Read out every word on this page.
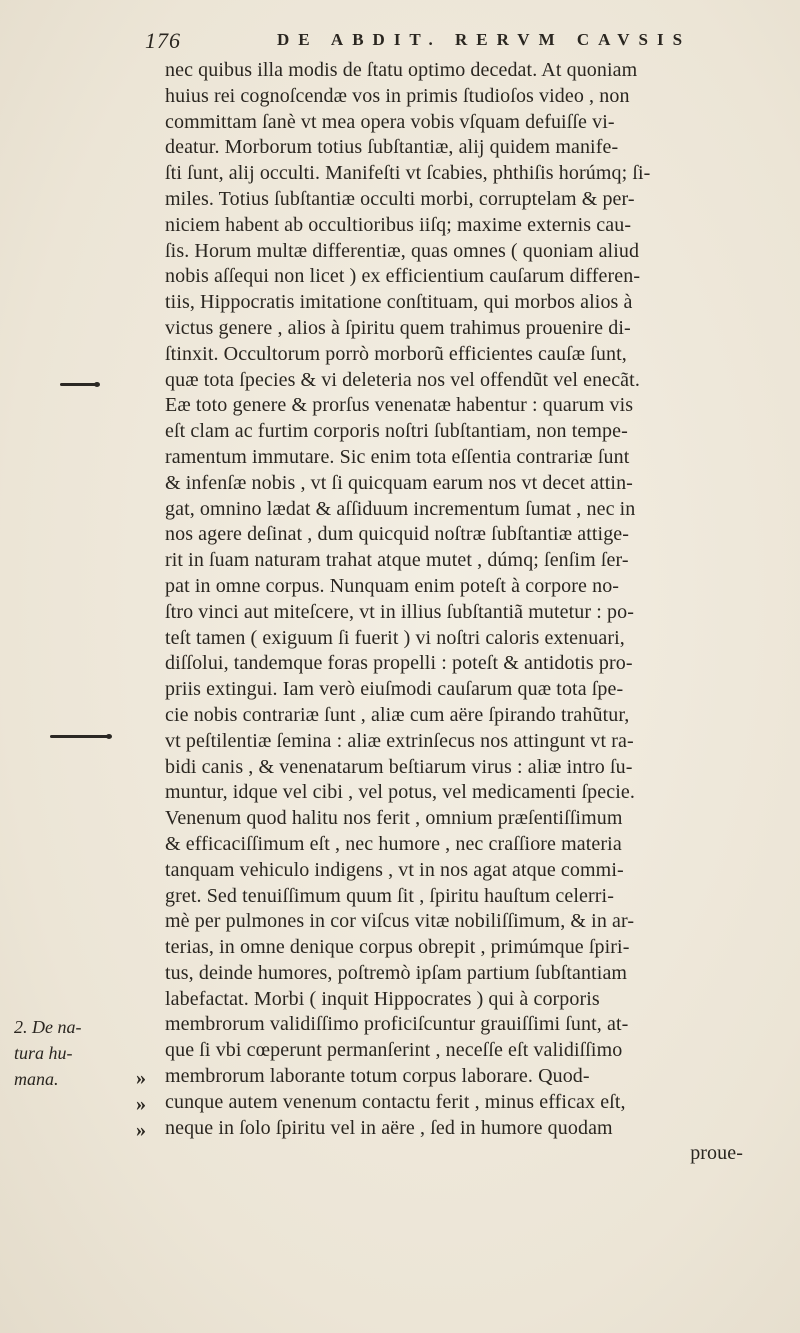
176	DE ABDIT. RERVM CAVSIS
nec quibus illa modis de ſtatu optimo decedat. At quoniam
huius rei cognoſcendæ vos in primis ſtudioſos video , non
committam ſanè vt mea opera vobis vſquam defuiſſe vi-
deatur. Morborum totius ſubſtantiæ, alij quidem manife-
ſti ſunt, alij occulti. Manifeſti vt ſcabies, phthiſis horúmq; ſi-
miles. Totius ſubſtantiæ occulti morbi, corruptelam & per-
niciem habent ab occultioribus iiſq; maxime externis cau-
ſis. Horum multæ differentiæ, quas omnes ( quoniam aliud
nobis aſſequi non licet ) ex efficientium cauſarum differen-
tiis, Hippocratis imitatione conſtituam, qui morbos alios à
victus genere , alios à ſpiritu quem trahimus prouenire di-
ſtinxit. Occultorum porrò morborũ efficientes cauſæ ſunt,
quæ tota ſpecies & vi deleteria nos vel offendũt vel enecãt.
Eæ toto genere & prorſus venenatæ habentur : quarum vis
eſt clam ac furtim corporis noſtri ſubſtantiam, non tempe-
ramentum immutare. Sic enim tota eſſentia contrariæ ſunt
& infenſæ nobis , vt ſi quicquam earum nos vt decet attin-
gat, omnino lædat & aſſiduum incrementum ſumat , nec in
nos agere deſinat , dum quicquid noſtræ ſubſtantiæ attige-
rit in ſuam naturam trahat atque mutet , dúmq; ſenſim ſer-
pat in omne corpus. Nunquam enim poteſt à corpore no-
ſtro vinci aut miteſcere, vt in illius ſubſtantiã mutetur : po-
teſt tamen ( exiguum ſi fuerit ) vi noſtri caloris extenuari,
diſſolui, tandemque foras propelli : poteſt & antidotis pro-
priis extingui. Iam verò eiuſmodi cauſarum quæ tota ſpe-
cie nobis contrariæ ſunt , aliæ cum aëre ſpirando trahũtur,
vt peſtilentiæ ſemina : aliæ extrinſecus nos attingunt vt ra-
bidi canis , & venenatarum beſtiarum virus : aliæ intro ſu-
muntur, idque vel cibi , vel potus, vel medicamenti ſpecie.
Venenum quod halitu nos ferit , omnium præſentiſſimum
& efficaciſſimum eſt , nec humore , nec craſſiore materia
tanquam vehiculo indigens , vt in nos agat atque commi-
gret. Sed tenuiſſimum quum ſit , ſpiritu hauſtum celerri-
mè per pulmones in cor viſcus vitæ nobiliſſimum, & in ar-
terias, in omne denique corpus obrepit , primúmque ſpiri-
tus, deinde humores, poſtremò ipſam partium ſubſtantiam
labefactat. Morbi ( inquit Hippocrates ) qui à corporis
membrorum validiſſimo proficiſcuntur grauiſſimi ſunt, at-
que ſi vbi cœperunt permanſerint , neceſſe eſt validiſſimo
membrorum laborante totum corpus laborare. Quod-
cunque autem venenum contactu ferit , minus efficax eſt,
neque in ſolo ſpiritu vel in aëre , ſed in humore quodam
proue-
2. De na-
tura hu-
mana.	»
»
»
